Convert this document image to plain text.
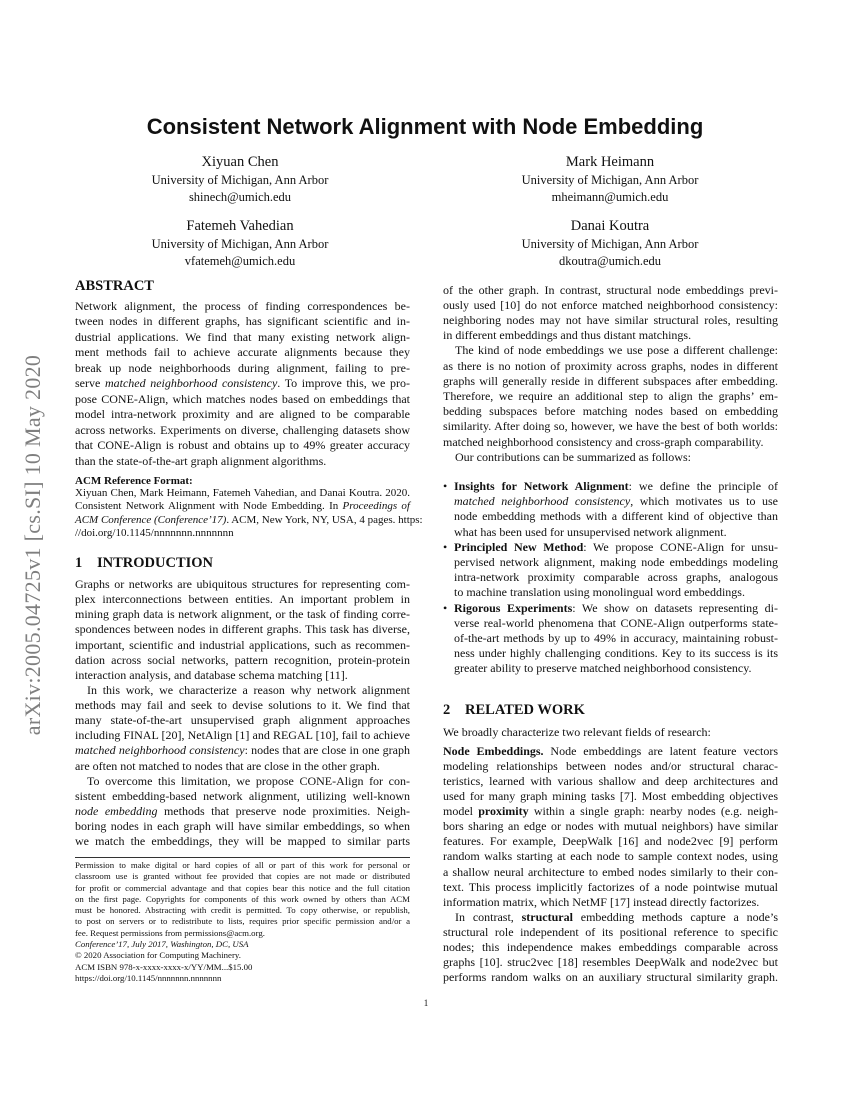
Consistent Network Alignment with Node Embedding
arXiv:2005.04725v1 [cs.SI] 10 May 2020
Xiyuan Chen
University of Michigan, Ann Arbor
shinech@umich.edu
Mark Heimann
University of Michigan, Ann Arbor
mheimann@umich.edu
Fatemeh Vahedian
University of Michigan, Ann Arbor
vfatemeh@umich.edu
Danai Koutra
University of Michigan, Ann Arbor
dkoutra@umich.edu
ABSTRACT
Network alignment, the process of finding correspondences be-
tween nodes in different graphs, has significant scientific and in-
dustrial applications. We find that many existing network align-
ment methods fail to achieve accurate alignments because they
break up node neighborhoods during alignment, failing to pre-
serve matched neighborhood consistency. To improve this, we pro-
pose CONE-Align, which matches nodes based on embeddings that
model intra-network proximity and are aligned to be comparable
across networks. Experiments on diverse, challenging datasets show
that CONE-Align is robust and obtains up to 49% greater accuracy
than the state-of-the-art graph alignment algorithms.
ACM Reference Format:
Xiyuan Chen, Mark Heimann, Fatemeh Vahedian, and Danai Koutra. 2020.
Consistent Network Alignment with Node Embedding. In Proceedings of
ACM Conference (Conference’17). ACM, New York, NY, USA, 4 pages. https:
//doi.org/10.1145/nnnnnnn.nnnnnnn
1 INTRODUCTION
Graphs or networks are ubiquitous structures for representing com-
plex interconnections between entities. An important problem in
mining graph data is network alignment, or the task of finding corre-
spondences between nodes in different graphs. This task has diverse,
important, scientific and industrial applications, such as recommen-
dation across social networks, pattern recognition, protein-protein
interaction analysis, and database schema matching [11].
In this work, we characterize a reason why network alignment
methods may fail and seek to devise solutions to it. We find that
many state-of-the-art unsupervised graph alignment approaches
including FINAL [20], NetAlign [1] and REGAL [10], fail to achieve
matched neighborhood consistency: nodes that are close in one graph
are often not matched to nodes that are close in the other graph.
To overcome this limitation, we propose CONE-Align for con-
sistent embedding-based network alignment, utilizing well-known
node embedding methods that preserve node proximities. Neigh-
boring nodes in each graph will have similar embeddings, so when
we match the embeddings, they will be mapped to similar parts
Permission to make digital or hard copies of all or part of this work for personal or
classroom use is granted without fee provided that copies are not made or distributed
for profit or commercial advantage and that copies bear this notice and the full citation
on the first page. Copyrights for components of this work owned by others than ACM
must be honored. Abstracting with credit is permitted. To copy otherwise, or republish,
to post on servers or to redistribute to lists, requires prior specific permission and/or a
fee. Request permissions from permissions@acm.org.
Conference’17, July 2017, Washington, DC, USA
© 2020 Association for Computing Machinery.
ACM ISBN 978-x-xxxx-xxxx-x/YY/MM...$15.00
https://doi.org/10.1145/nnnnnnn.nnnnnnn
1
of the other graph. In contrast, structural node embeddings previ-
ously used [10] do not enforce matched neighborhood consistency:
neighboring nodes may not have similar structural roles, resulting
in different embeddings and thus distant matchings.
The kind of node embeddings we use pose a different challenge:
as there is no notion of proximity across graphs, nodes in different
graphs will generally reside in different subspaces after embedding.
Therefore, we require an additional step to align the graphs’ em-
bedding subspaces before matching nodes based on embedding
similarity. After doing so, however, we have the best of both worlds:
matched neighborhood consistency and cross-graph comparability.
Our contributions can be summarized as follows:
• Insights for Network Alignment: we define the principle of
matched neighborhood consistency, which motivates us to use
node embedding methods with a different kind of objective than
what has been used for unsupervised network alignment.
• Principled New Method: We propose CONE-Align for unsu-
pervised network alignment, making node embeddings modeling
intra-network proximity comparable across graphs, analogous
to machine translation using monolingual word embeddings.
• Rigorous Experiments: We show on datasets representing di-
verse real-world phenomena that CONE-Align outperforms state-
of-the-art methods by up to 49% in accuracy, maintaining robust-
ness under highly challenging conditions. Key to its success is its
greater ability to preserve matched neighborhood consistency.
2 RELATED WORK
We broadly characterize two relevant fields of research:
Node Embeddings. Node embeddings are latent feature vectors
modeling relationships between nodes and/or structural charac-
teristics, learned with various shallow and deep architectures and
used for many graph mining tasks [7]. Most embedding objectives
model proximity within a single graph: nearby nodes (e.g. neigh-
bors sharing an edge or nodes with mutual neighbors) have similar
features. For example, DeepWalk [16] and node2vec [9] perform
random walks starting at each node to sample context nodes, using
a shallow neural architecture to embed nodes similarly to their con-
text. This process implicitly factorizes of a node pointwise mutual
information matrix, which NetMF [17] instead directly factorizes.
In contrast, structural embedding methods capture a node’s
structural role independent of its positional reference to specific
nodes; this independence makes embeddings comparable across
graphs [10]. struc2vec [18] resembles DeepWalk and node2vec but
performs random walks on an auxiliary structural similarity graph.
